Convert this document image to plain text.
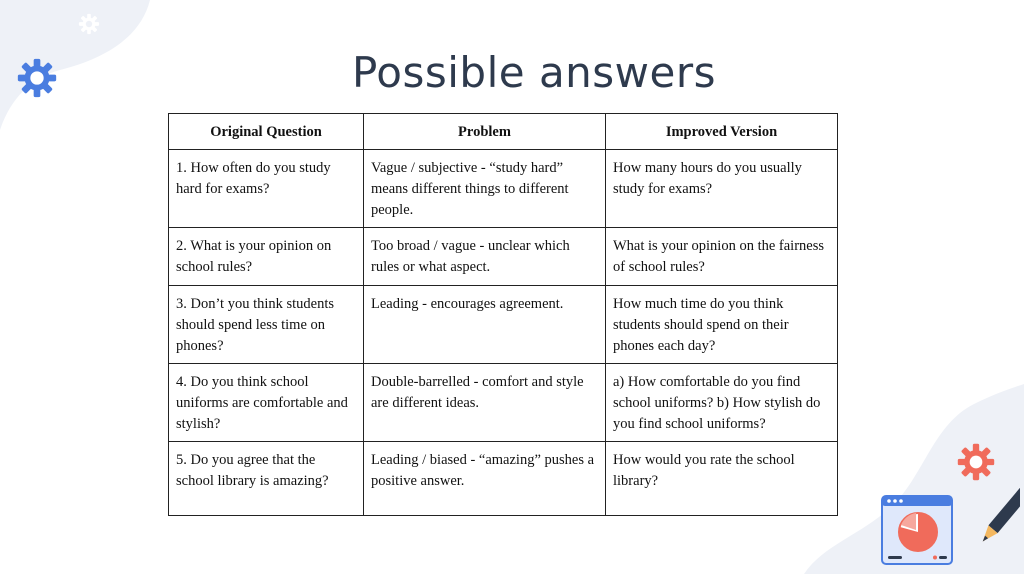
Possible answers
Original Question	Problem	Improved Version
1. How often do you study hard for exams?	Vague / subjective - “study hard” means different things to different people.	How many hours do you usually study for exams?
2. What is your opinion on school rules?	Too broad / vague - unclear which rules or what aspect.	What is your opinion on the fairness of school rules?
3. Don’t you think students should spend less time on phones?	Leading - encourages agreement.	How much time do you think students should spend on their phones each day?
4. Do you think school uniforms are comfortable and stylish?	Double-barrelled - comfort and style are different ideas.	a) How comfortable do you find school uniforms? b) How stylish do you find school uniforms?
5. Do you agree that the school library is amazing?	Leading / biased - “amazing” pushes a positive answer.	How would you rate the school library?
